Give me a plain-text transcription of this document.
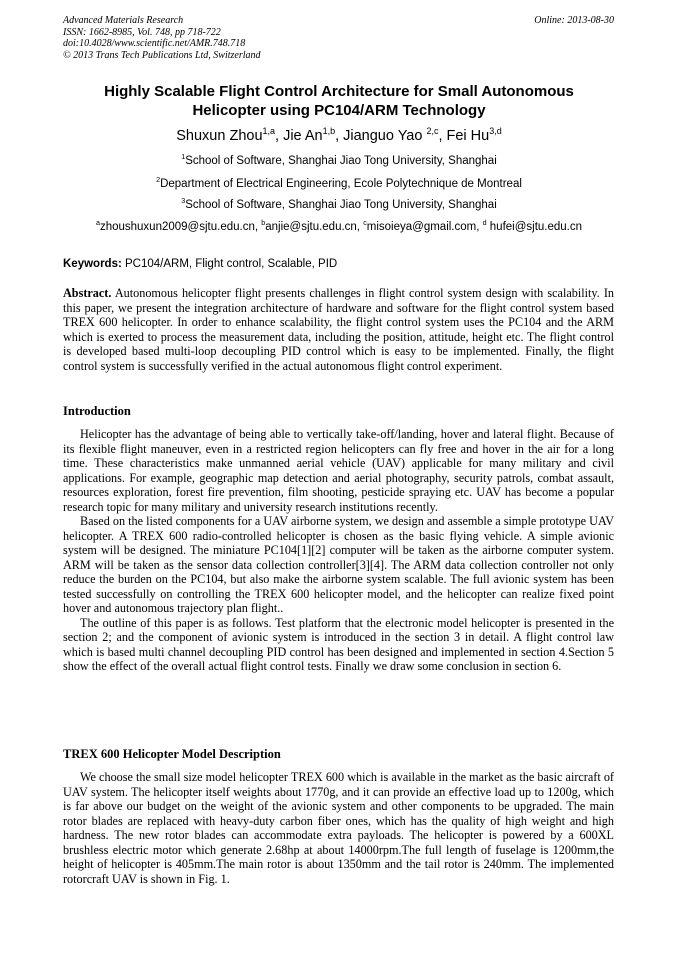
Advanced Materials Research
ISSN: 1662-8985, Vol. 748, pp 718-722
doi:10.4028/www.scientific.net/AMR.748.718
© 2013 Trans Tech Publications Ltd, Switzerland
Online: 2013-08-30
Highly Scalable Flight Control Architecture for Small Autonomous
Helicopter using PC104/ARM Technology
Shuxun Zhou$^{1,a}$, Jie An$^{1,b}$, Jianguo Yao $^{2,c}$, Fei Hu$^{3,d}$
$^1$School of Software, Shanghai Jiao Tong University, Shanghai
$^2$Department of Electrical Engineering, Ecole Polytechnique de Montreal
$^3$School of Software, Shanghai Jiao Tong University, Shanghai
$^a$zhoushuxun2009@sjtu.edu.cn, $^b$anjie@sjtu.edu.cn, $^c$misoieya@gmail.com, $^d$ hufei@sjtu.edu.cn
Keywords: PC104/ARM, Flight control, Scalable, PID
Abstract. Autonomous helicopter flight presents challenges in flight control system design with scalability. In this paper, we present the integration architecture of hardware and software for the flight control system based TREX 600 helicopter. In order to enhance scalability, the flight control system uses the PC104 and the ARM which is exerted to process the measurement data, including the position, attitude, height etc. The flight control is developed based multi-loop decoupling PID control which is easy to be implemented. Finally, the flight control system is successfully verified in the actual autonomous flight control experiment.
Introduction

Helicopter has the advantage of being able to vertically take-off/landing, hover and lateral flight. Because of its flexible flight maneuver, even in a restricted region helicopters can fly free and hover in the air for a long time. These characteristics make unmanned aerial vehicle (UAV) applicable for many military and civil applications. For example, geographic map detection and aerial photography, security patrols, combat assault, resources exploration, forest fire prevention, film shooting, pesticide spraying etc. UAV has become a popular research topic for many military and university research institutions recently.

Based on the listed components for a UAV airborne system, we design and assemble a simple prototype UAV helicopter. A TREX 600 radio-controlled helicopter is chosen as the basic flying vehicle. A simple avionic system will be designed. The miniature PC104[1][2] computer will be taken as the airborne computer system. ARM will be taken as the sensor data collection controller[3][4]. The ARM data collection controller not only reduce the burden on the PC104, but also make the airborne system scalable. The full avionic system has been tested successfully on controlling the TREX 600 helicopter model, and the helicopter can realize fixed point hover and autonomous trajectory plan flight..

The outline of this paper is as follows. Test platform that the electronic model helicopter is presented in the section 2; and the component of avionic system is introduced in the section 3 in detail. A flight control law which is based multi channel decoupling PID control has been designed and implemented in section 4.Section 5 show the effect of the overall actual flight control tests. Finally we draw some conclusion in section 6.

TREX 600 Helicopter Model Description

We choose the small size model helicopter TREX 600 which is available in the market as the basic aircraft of UAV system. The helicopter itself weights about 1770g, and it can provide an effective load up to 1200g, which is far above our budget on the weight of the avionic system and other components to be upgraded. The main rotor blades are replaced with heavy-duty carbon fiber ones, which has the quality of high weight and high hardness. The new rotor blades can accommodate extra payloads. The helicopter is powered by a 600XL brushless electric motor which generate 2.68hp at about 14000rpm.The full length of fuselage is 1200mm,the height of helicopter is 405mm.The main rotor is about 1350mm and the tail rotor is 240mm. The implemented rotorcraft UAV is shown in Fig. 1.
